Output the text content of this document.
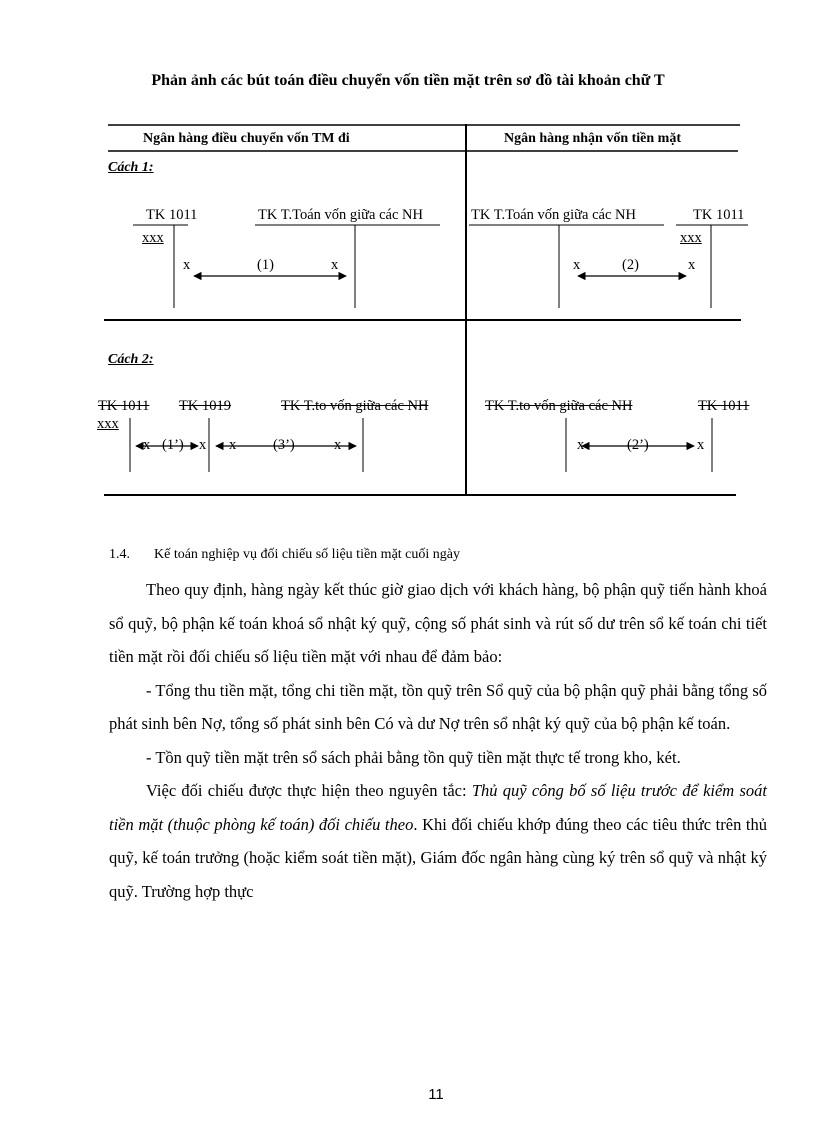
Phản ảnh các bút toán điều chuyển vốn tiền mặt trên sơ đồ tài khoản chữ T
Ngân hàng điều chuyển vốn TM đi	Ngân hàng nhận vốn tiền mặt
Cách 1:
TK 1011	TK T.Toán vốn giữa các NH	TK T.Toán vốn giữa các NH	TK 1011
xxx	xxx
x	(1)	x	x	(2)	x
Cách 2:
TK 1011 TK 1019	TK T.to vốn giữa các NH	TK T.to vốn giữa các NH	TK 1011
xxx
x (1’) x x	(3’)	x	x	(2’)	x
1.4. Kế toán nghiệp vụ đối chiếu số liệu tiền mặt cuối ngày

Theo quy định, hàng ngày kết thúc giờ giao dịch với khách hàng, bộ phận quỹ tiến hành khoá sổ quỹ, bộ phận kế toán khoá sổ nhật ký quỹ, cộng số phát sinh và rút số dư trên sổ kế toán chi tiết tiền mặt rồi đối chiếu số liệu tiền mặt với nhau để đảm bảo:

- Tổng thu tiền mặt, tổng chi tiền mặt, tồn quỹ trên Sổ quỹ của bộ phận quỹ phải bằng tổng số phát sinh bên Nợ, tổng số phát sinh bên Có và dư Nợ trên sổ nhật ký quỹ của bộ phận kế toán.

- Tồn quỹ tiền mặt trên sổ sách phải bằng tồn quỹ tiền mặt thực tế trong kho, két.

Việc đối chiếu được thực hiện theo nguyên tắc: Thủ quỹ công bố số liệu trước để kiểm soát tiền mặt (thuộc phòng kế toán) đối chiếu theo. Khi đối chiếu khớp đúng theo các tiêu thức trên thủ quỹ, kế toán trưởng (hoặc kiểm soát tiền mặt), Giám đốc ngân hàng cùng ký trên sổ quỹ và nhật ký quỹ. Trường hợp thực

11
